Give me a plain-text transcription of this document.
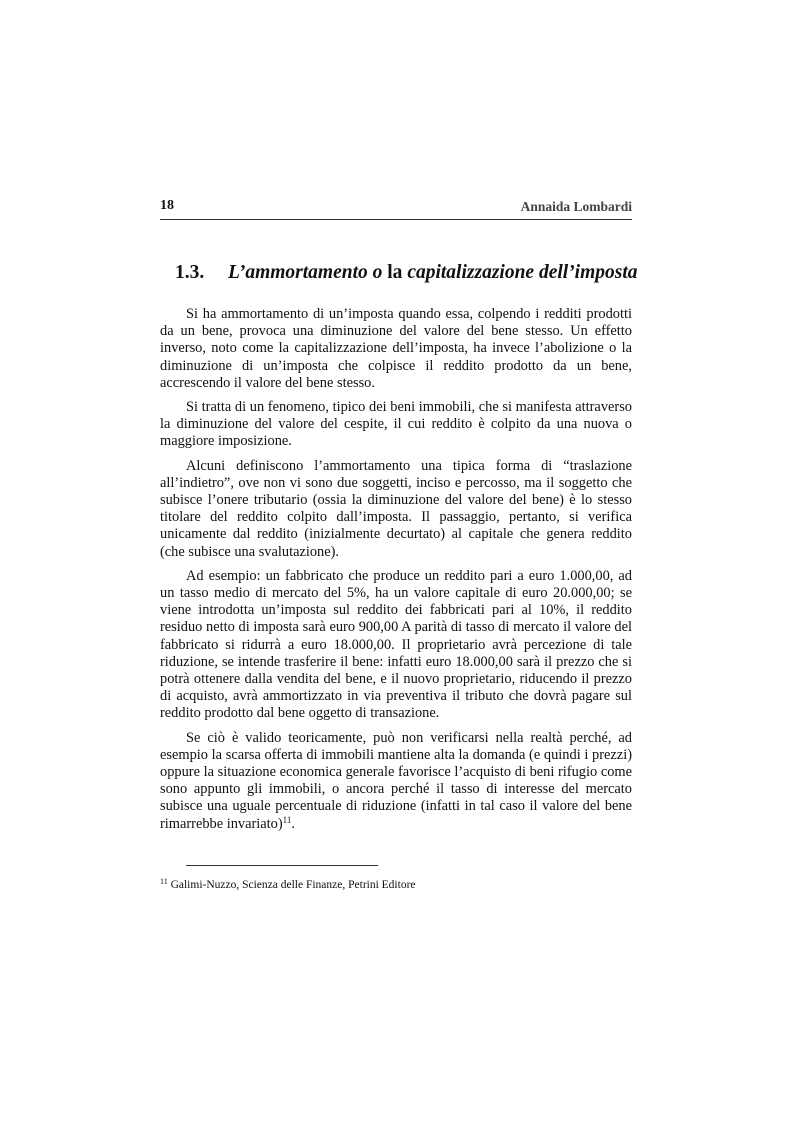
18	Annaida Lombardi
1.3. L’ammortamento o la capitalizzazione dell’imposta

Si ha ammortamento di un’imposta quando essa, colpendo i redditi prodotti da un bene, provoca una diminuzione del valore del bene stesso. Un effetto inverso, noto come la capitalizzazione dell’imposta, ha invece l’abolizione o la diminuzione di un’imposta che colpisce il reddito prodotto da un bene, accrescendo il valore del bene stesso.

Si tratta di un fenomeno, tipico dei beni immobili, che si manifesta attraverso la diminuzione del valore del cespite, il cui reddito è colpito da una nuova o maggiore imposizione.

Alcuni definiscono l’ammortamento una tipica forma di “traslazione all’indietro”, ove non vi sono due soggetti, inciso e percosso, ma il soggetto che subisce l’onere tributario (ossia la diminuzione del valore del bene) è lo stesso titolare del reddito colpito dall’imposta. Il passaggio, pertanto, si verifica unicamente dal reddito (inizialmente decurtato) al capitale che genera reddito (che subisce una svalutazione).

Ad esempio: un fabbricato che produce un reddito pari a euro 1.000,00, ad un tasso medio di mercato del 5%, ha un valore capitale di euro 20.000,00; se viene introdotta un’imposta sul reddito dei fabbricati pari al 10%, il reddito residuo netto di imposta sarà euro 900,00 A parità di tasso di mercato il valore del fabbricato si ridurrà a euro 18.000,00. Il proprietario avrà percezione di tale riduzione, se intende trasferire il bene: infatti euro 18.000,00 sarà il prezzo che si potrà ottenere dalla vendita del bene, e il nuovo proprietario, riducendo il prezzo di acquisto, avrà ammortizzato in via preventiva il tributo che dovrà pagare sul reddito prodotto dal bene oggetto di transazione.

Se ciò è valido teoricamente, può non verificarsi nella realtà perché, ad esempio la scarsa offerta di immobili mantiene alta la domanda (e quindi i prezzi) oppure la situazione economica generale favorisce l’acquisto di beni rifugio come sono appunto gli immobili, o ancora perché il tasso di interesse del mercato subisce una uguale percentuale di riduzione (infatti in tal caso il valore del bene rimarrebbe invariato)$^{11}$.

$^{11}$ Galimi-Nuzzo, Scienza delle Finanze, Petrini Editore
